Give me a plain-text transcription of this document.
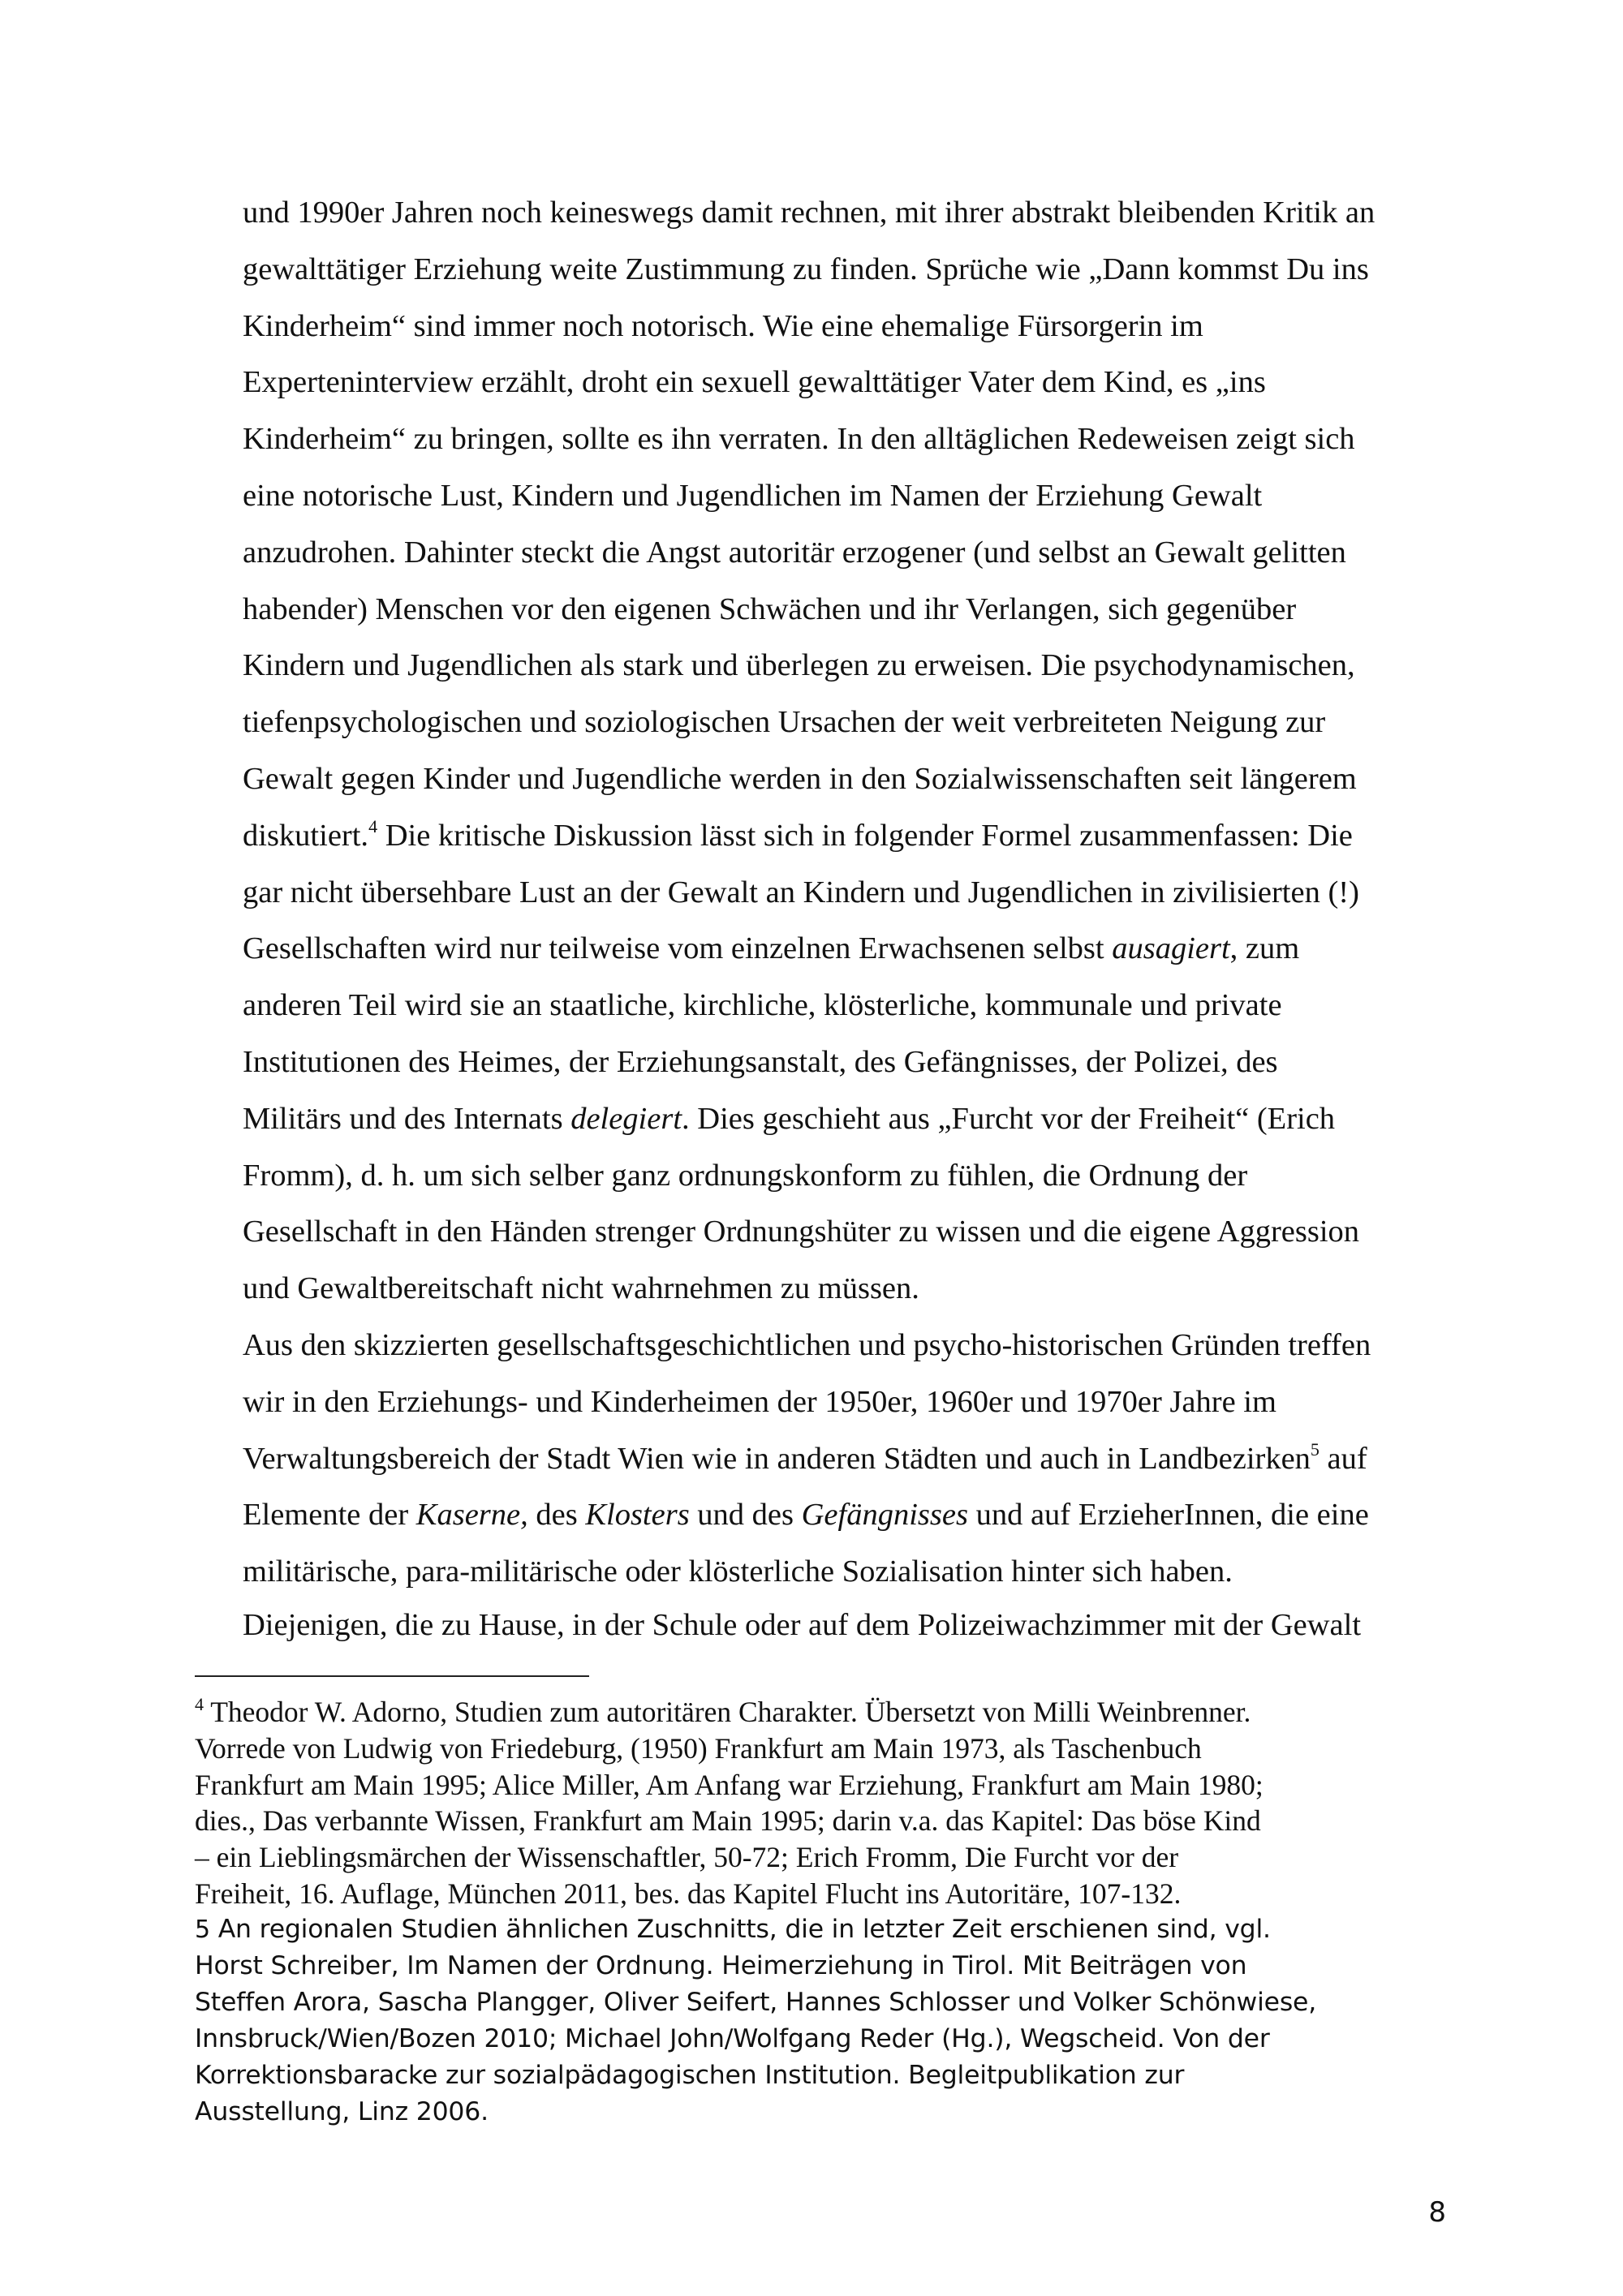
und 1990er Jahren noch keineswegs damit rechnen, mit ihrer abstrakt bleibenden Kritik an
gewalttätiger Erziehung weite Zustimmung zu finden. Sprüche wie „Dann kommst Du ins
Kinderheim“ sind immer noch notorisch. Wie eine ehemalige Fürsorgerin im
Experteninterview erzählt, droht ein sexuell gewalttätiger Vater dem Kind, es „ins
Kinderheim“ zu bringen, sollte es ihn verraten. In den alltäglichen Redeweisen zeigt sich
eine notorische Lust, Kindern und Jugendlichen im Namen der Erziehung Gewalt
anzudrohen. Dahinter steckt die Angst autoritär erzogener (und selbst an Gewalt gelitten
habender) Menschen vor den eigenen Schwächen und ihr Verlangen, sich gegenüber
Kindern und Jugendlichen als stark und überlegen zu erweisen. Die psychodynamischen,
tiefenpsychologischen und soziologischen Ursachen der weit verbreiteten Neigung zur
Gewalt gegen Kinder und Jugendliche werden in den Sozialwissenschaften seit längerem
diskutiert.$^4$ Die kritische Diskussion lässt sich in folgender Formel zusammenfassen: Die
gar nicht übersehbare Lust an der Gewalt an Kindern und Jugendlichen in zivilisierten (!)
Gesellschaften wird nur teilweise vom einzelnen Erwachsenen selbst ausagiert, zum
anderen Teil wird sie an staatliche, kirchliche, klösterliche, kommunale und private
Institutionen des Heimes, der Erziehungsanstalt, des Gefängnisses, der Polizei, des
Militärs und des Internats delegiert. Dies geschieht aus „Furcht vor der Freiheit“ (Erich
Fromm), d. h. um sich selber ganz ordnungskonform zu fühlen, die Ordnung der
Gesellschaft in den Händen strenger Ordnungshüter zu wissen und die eigene Aggression
und Gewaltbereitschaft nicht wahrnehmen zu müssen.
Aus den skizzierten gesellschaftsgeschichtlichen und psycho-historischen Gründen treffen
wir in den Erziehungs- und Kinderheimen der 1950er, 1960er und 1970er Jahre im
Verwaltungsbereich der Stadt Wien wie in anderen Städten und auch in Landbezirken$^5$ auf
Elemente der Kaserne, des Klosters und des Gefängnisses und auf ErzieherInnen, die eine
militärische, para-militärische oder klösterliche Sozialisation hinter sich haben.
Diejenigen, die zu Hause, in der Schule oder auf dem Polizeiwachzimmer mit der Gewalt
$^4$ Theodor W. Adorno, Studien zum autoritären Charakter. Übersetzt von Milli Weinbrenner.
Vorrede von Ludwig von Friedeburg, (1950) Frankfurt am Main 1973, als Taschenbuch
Frankfurt am Main 1995; Alice Miller, Am Anfang war Erziehung, Frankfurt am Main 1980;
dies., Das verbannte Wissen, Frankfurt am Main 1995; darin v.a. das Kapitel: Das böse Kind
– ein Lieblingsmärchen der Wissenschaftler, 50-72; Erich Fromm, Die Furcht vor der
Freiheit, 16. Auflage, München 2011, bes. das Kapitel Flucht ins Autoritäre, 107-132.
5 An regionalen Studien ähnlichen Zuschnitts, die in letzter Zeit erschienen sind, vgl.
Horst Schreiber, Im Namen der Ordnung. Heimerziehung in Tirol. Mit Beiträgen von
Steffen Arora, Sascha Plangger, Oliver Seifert, Hannes Schlosser und Volker Schönwiese,
Innsbruck/Wien/Bozen 2010; Michael John/Wolfgang Reder (Hg.), Wegscheid. Von der
Korrektionsbaracke zur sozialpädagogischen Institution. Begleitpublikation zur
Ausstellung, Linz 2006.
8
